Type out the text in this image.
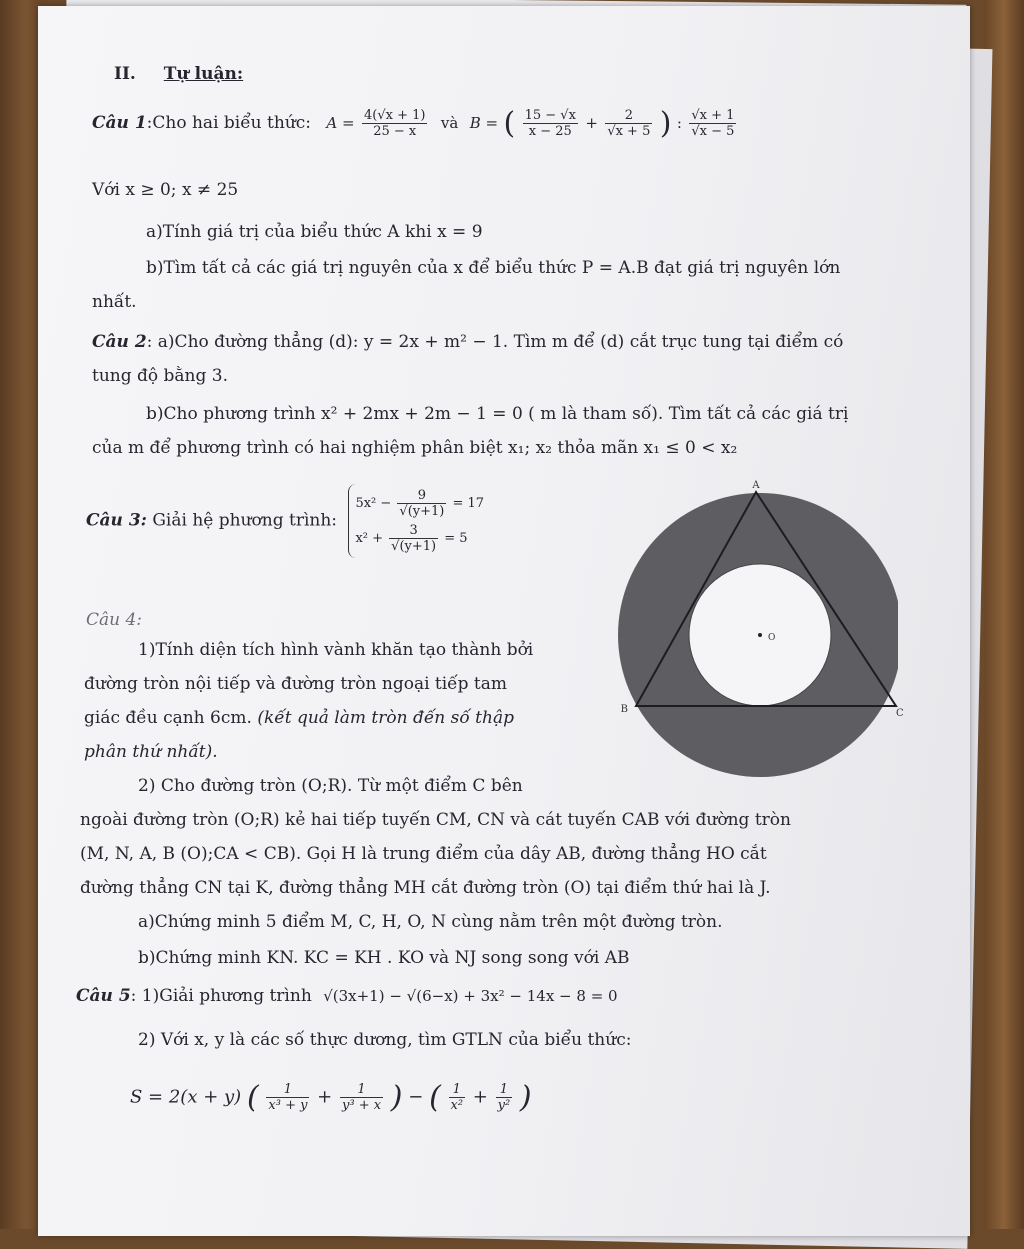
II. Tự luận:
Câu 1:Cho hai biểu thức: $A = \frac{4(√x + 1)}{25 - x}$ và B = ( $\frac{15 - √x}{x - 25} + \frac{2}{√x + 5}$ ) : $\frac{√x + 1}{√x - 5}$
Với x ≥ 0; x ≠ 25
a)Tính giá trị của biểu thức A khi x = 9
b)Tìm tất cả các giá trị nguyên của x để biểu thức P = A.B đạt giá trị nguyên lớn
nhất.
Câu 2: a)Cho đường thẳng (d): y = 2x + m² − 1. Tìm m để (d) cắt trục tung tại điểm có
tung độ bằng 3.
b)Cho phương trình x² + 2mx + 2m − 1 = 0 ( m là tham số). Tìm tất cả các giá trị
của m để phương trình có hai nghiệm phân biệt x₁; x₂ thỏa mãn x₁ ≤ 0 < x₂
Câu 3: Giải hệ phương trình:
$5x^2 - \frac{9}{√(y+1)} = 17$
$x^2 + \frac{3}{√(y+1)} = 5$
Câu 4:
1)Tính diện tích hình vành khăn tạo thành bởi
đường tròn nội tiếp và đường tròn ngoại tiếp tam
giác đều cạnh 6cm. (kết quả làm tròn đến số thập
phân thứ nhất).
A
B	C
O
2) Cho đường tròn (O;R). Từ một điểm C bên
ngoài đường tròn (O;R) kẻ hai tiếp tuyến CM, CN và cát tuyến CAB với đường tròn
(M, N, A, B (O);CA < CB). Gọi H là trung điểm của dây AB, đường thẳng HO cắt
đường thẳng CN tại K, đường thẳng MH cắt đường tròn (O) tại điểm thứ hai là J.
a)Chứng minh 5 điểm M, C, H, O, N cùng nằm trên một đường tròn.
b)Chứng minh KN. KC = KH . KO và NJ song song với AB
Câu 5: 1)Giải phương trình √(3x+1) − √(6−x) + 3x² − 14x − 8 = 0
2) Với x, y là các số thực dương, tìm GTLN của biểu thức:
S = 2(x + y) ( $\frac{1}{\text{x³ + y}} + \frac{1}{\text{y³ + x}}$ ) − ( $\frac{1}{\text{x²}} + \frac{1}{\text{y²}}$ )
